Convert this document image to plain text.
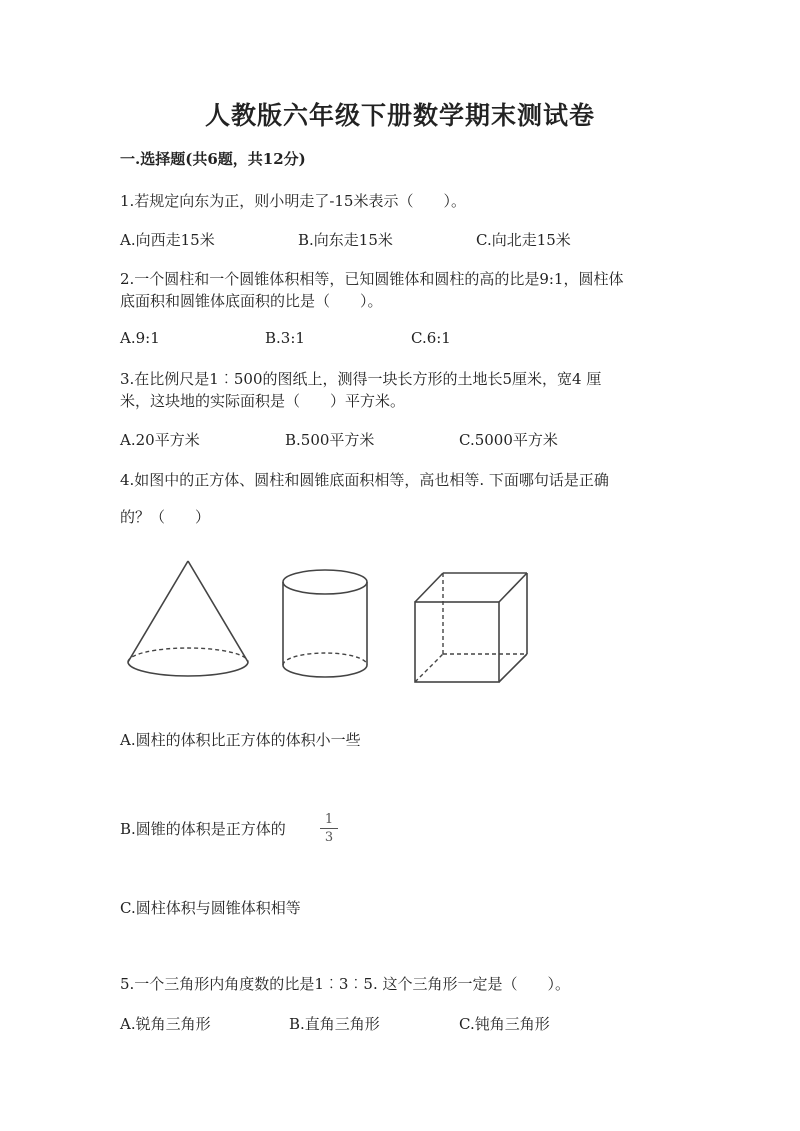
人教版六年级下册数学期末测试卷
一.选择题(共6题，共12分)
1.若规定向东为正，则小明走了-15米表示（　　）。
A.向西走15米	B.向东走15米	C.向北走15米
2.一个圆柱和一个圆锥体积相等，已知圆锥体和圆柱的高的比是9:1，圆柱体
底面积和圆锥体底面积的比是（　　）。
A.9:1	B.3:1	C.6:1
3.在比例尺是1︰500的图纸上，测得一块长方形的土地长5厘米，宽4 厘
米，这块地的实际面积是（　　）平方米。
A.20平方米	B.500平方米	C.5000平方米
4.如图中的正方体、圆柱和圆锥底面积相等，高也相等. 下面哪句话是正确
的？（　　）
A.圆柱的体积比正方体的体积小一些
B.圆锥的体积是正方体的
1
3
C.圆柱体积与圆锥体积相等
5.一个三角形内角度数的比是1︰3︰5. 这个三角形一定是（　　）。
A.锐角三角形	B.直角三角形	C.钝角三角形
